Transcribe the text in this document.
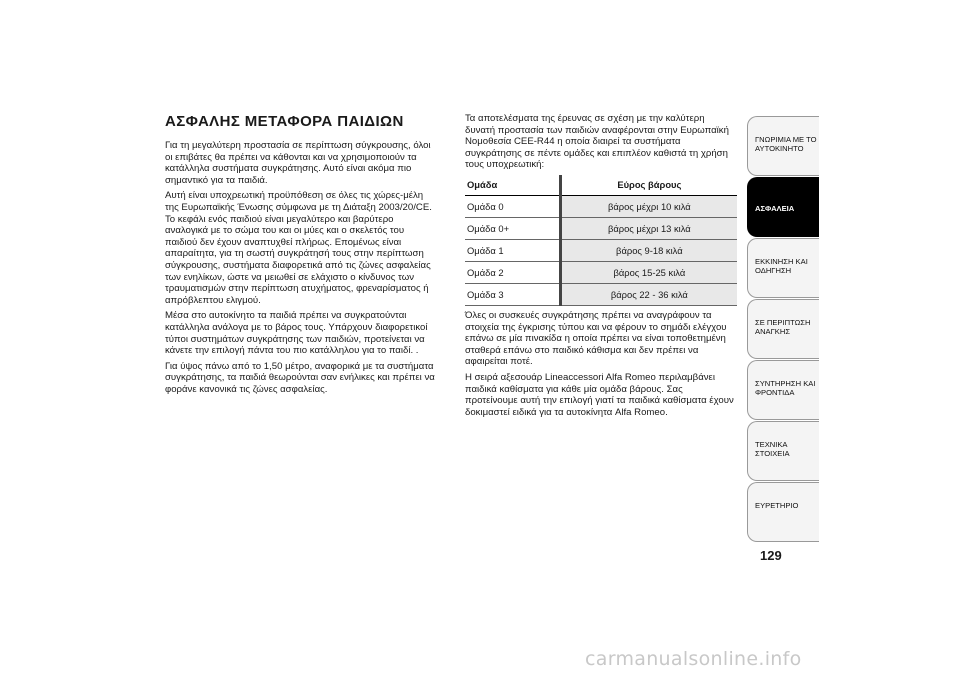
ΑΣΦΑΛΗΣ ΜΕΤΑΦΟΡΑ ΠΑΙΔΙΩΝ

Για τη μεγαλύτερη προστασία σε περίπτωση σύγκρουσης, όλοι οι επιβάτες θα πρέπει να κάθονται και να χρησιμοποιούν τα κατάλληλα συστήματα συγκράτησης. Αυτό είναι ακόμα πιο σημαντικό για τα παιδιά.

Αυτή είναι υποχρεωτική προϋπόθεση σε όλες τις χώρες-μέλη της Ευρωπαϊκής Ένωσης σύμφωνα με τη Διάταξη 2003/20/CE. Το κεφάλι ενός παιδιού είναι μεγαλύτερο και βαρύτερο αναλογικά με το σώμα του και οι μύες και ο σκελετός του παιδιού δεν έχουν αναπτυχθεί πλήρως. Επομένως είναι απαραίτητα, για τη σωστή συγκράτησή τους στην περίπτωση σύγκρουσης, συστήματα διαφορετικά από τις ζώνες ασφαλείας των ενηλίκων, ώστε να μειωθεί σε ελάχιστο ο κίνδυνος των τραυματισμών στην περίπτωση ατυχήματος, φρεναρίσματος ή απρόβλεπτου ελιγμού.

Μέσα στο αυτοκίνητο τα παιδιά πρέπει να συγκρατούνται κατάλληλα ανάλογα με το βάρος τους. Υπάρχουν διαφορετικοί τύποι συστημάτων συγκράτησης των παιδιών, προτείνεται να κάνετε την επιλογή πάντα του πιο κατάλληλου για το παιδί. .

Για ύψος πάνω από το 1,50 μέτρο, αναφορικά με τα συστήματα συγκράτησης, τα παιδιά θεωρούνται σαν ενήλικες και πρέπει να φοράνε κανονικά τις ζώνες ασφαλείας.

Τα αποτελέσματα της έρευνας σε σχέση με την καλύτερη δυνατή προστασία των παιδιών αναφέρονται στην Ευρωπαϊκή Νομοθεσία CEE-R44 η οποία διαιρεί τα συστήματα συγκράτησης σε πέντε ομάδες και επιπλέον καθιστά τη χρήση τους υποχρεωτική:

Ομάδα	Εύρος βάρους
Ομάδα 0	βάρος μέχρι 10 κιλά
Ομάδα 0+	βάρος μέχρι 13 κιλά
Ομάδα 1	βάρος 9-18 κιλά
Ομάδα 2	βάρος 15-25 κιλά
Ομάδα 3	βάρος 22 - 36 κιλά

Όλες οι συσκευές συγκράτησης πρέπει να αναγράφουν τα στοιχεία της έγκρισης τύπου και να φέρουν το σημάδι ελέγχου επάνω σε μία πινακίδα η οποία πρέπει να είναι τοποθετημένη σταθερά επάνω στο παιδικό κάθισμα και δεν πρέπει να αφαιρείται ποτέ.

Η σειρά αξεσουάρ Lineaccessori Alfa Romeo περιλαμβάνει παιδικά καθίσματα για κάθε μία ομάδα βάρους. Σας προτείνουμε αυτή την επιλογή γιατί τα παιδικά καθίσματα έχουν δοκιμαστεί ειδικά για τα αυτοκίνητα Alfa Romeo.

ΓΝΩΡΙΜΙΑ ΜΕ ΤΟ ΑΥΤΟΚΙΝΗΤΟ
ΑΣΦΑΛΕΙΑ
ΕΚΚΙΝΗΣΗ ΚΑΙ ΟΔΗΓΗΣΗ
ΣΕ ΠΕΡΙΠΤΩΣΗ ΑΝΑΓΚΗΣ
ΣΥΝΤΗΡΗΣΗ ΚΑΙ ΦΡΟΝΤΙΔΑ
ΤΕΧΝΙΚΑ ΣΤΟΙΧΕΙΑ
ΕΥΡΕΤΗΡΙΟ
129
carmanualsonline.info
